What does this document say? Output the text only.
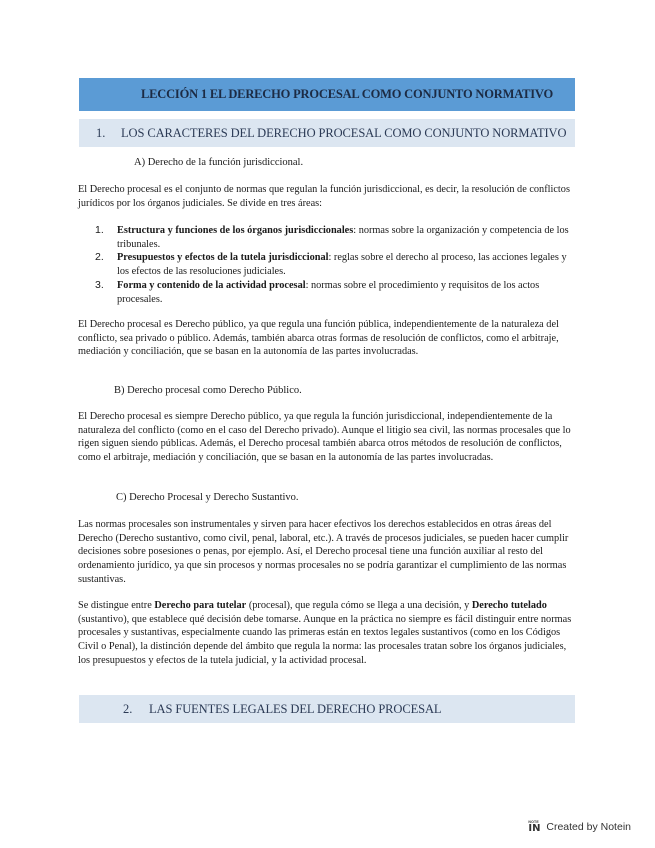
LECCIÓN 1 EL DERECHO PROCESAL COMO CONJUNTO NORMATIVO
1. LOS CARACTERES DEL DERECHO PROCESAL COMO CONJUNTO NORMATIVO
A) Derecho de la función jurisdiccional.
El Derecho procesal es el conjunto de normas que regulan la función jurisdiccional, es decir, la resolución de conflictos jurídicos por los órganos judiciales. Se divide en tres áreas:
1. Estructura y funciones de los órganos jurisdiccionales: normas sobre la organización y competencia de los tribunales.
2. Presupuestos y efectos de la tutela jurisdiccional: reglas sobre el derecho al proceso, las acciones legales y los efectos de las resoluciones judiciales.
3. Forma y contenido de la actividad procesal: normas sobre el procedimiento y requisitos de los actos procesales.
El Derecho procesal es Derecho público, ya que regula una función pública, independientemente de la naturaleza del conflicto, sea privado o público. Además, también abarca otras formas de resolución de conflictos, como el arbitraje, mediación y conciliación, que se basan en la autonomía de las partes involucradas.
B) Derecho procesal como Derecho Público.
El Derecho procesal es siempre Derecho público, ya que regula la función jurisdiccional, independientemente de la naturaleza del conflicto (como en el caso del Derecho privado). Aunque el litigio sea civil, las normas procesales que lo rigen siguen siendo públicas. Además, el Derecho procesal también abarca otros métodos de resolución de conflictos, como el arbitraje, mediación y conciliación, que se basan en la autonomía de las partes involucradas.
C) Derecho Procesal y Derecho Sustantivo.
Las normas procesales son instrumentales y sirven para hacer efectivos los derechos establecidos en otras áreas del Derecho (Derecho sustantivo, como civil, penal, laboral, etc.). A través de procesos judiciales, se pueden hacer cumplir decisiones sobre posesiones o penas, por ejemplo. Así, el Derecho procesal tiene una función auxiliar al resto del ordenamiento jurídico, ya que sin procesos y normas procesales no se podría garantizar el cumplimiento de las normas sustantivas.
Se distingue entre Derecho para tutelar (procesal), que regula cómo se llega a una decisión, y Derecho tutelado (sustantivo), que establece qué decisión debe tomarse. Aunque en la práctica no siempre es fácil distinguir entre normas procesales y sustantivas, especialmente cuando las primeras están en textos legales sustantivos (como en los Códigos Civil o Penal), la distinción depende del ámbito que regula la norma: las procesales tratan sobre los órganos judiciales, los presupuestos y efectos de la tutela judicial, y la actividad procesal.
2. LAS FUENTES LEGALES DEL DERECHO PROCESAL
NOTE
IN Created by Notein
